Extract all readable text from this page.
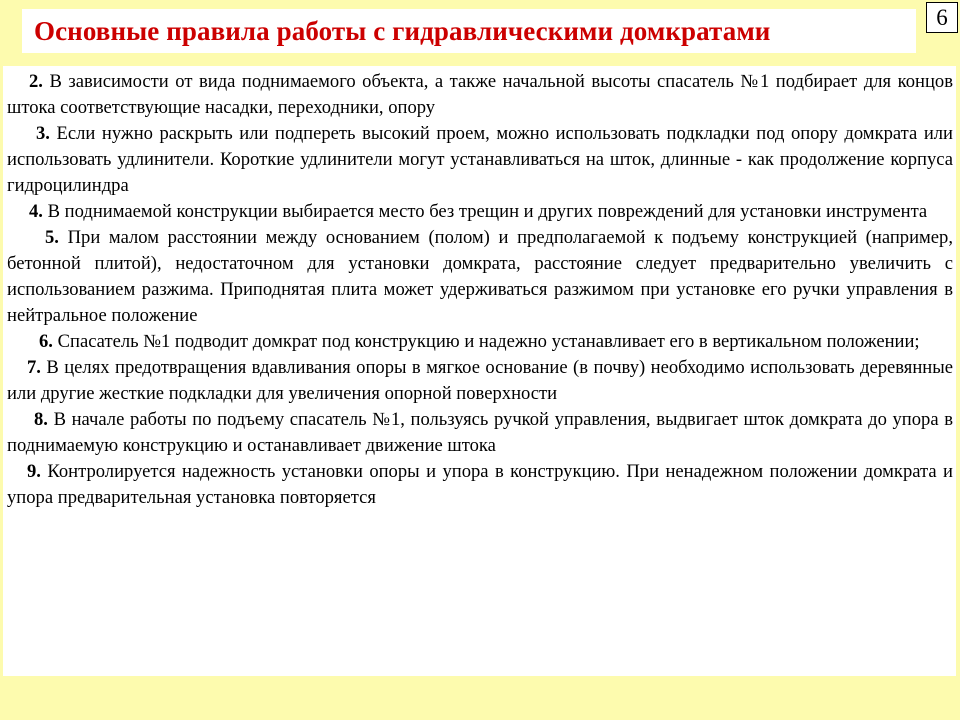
Основные правила работы с гидравлическими домкратами	6

2. В зависимости от вида поднимаемого объекта, а также начальной высоты спасатель №1 подбирает для концов штока соответствующие насадки, переходники, опору

3. Если нужно раскрыть или подпереть высокий проем, можно использовать подкладки под опору домкрата или использовать удлинители. Короткие удлинители могут устанавливаться на шток, длинные - как продолжение корпуса гидроцилиндра

4. В поднимаемой конструкции выбирается место без трещин и других повреждений для установки инструмента

5. При малом расстоянии между основанием (полом) и предполагаемой к подъему конструкцией (например, бетонной плитой), недостаточном для установки домкрата, расстояние следует предварительно увеличить с использованием разжима. Приподнятая плита может удерживаться разжимом при установке его ручки управления в нейтральное положение

6. Спасатель №1 подводит домкрат под конструкцию и надежно устанавливает его в вертикальном положении;

7. В целях предотвращения вдавливания опоры в мягкое основание (в почву) необходимо использовать деревянные или другие жесткие подкладки для увеличения опорной поверхности

8. В начале работы по подъему спасатель №1, пользуясь ручкой управления, выдвигает шток домкрата до упора в поднимаемую конструкцию и останавливает движение штока

9. Контролируется надежность установки опоры и упора в конструкцию. При ненадежном положении домкрата и упора предварительная установка повторяется
